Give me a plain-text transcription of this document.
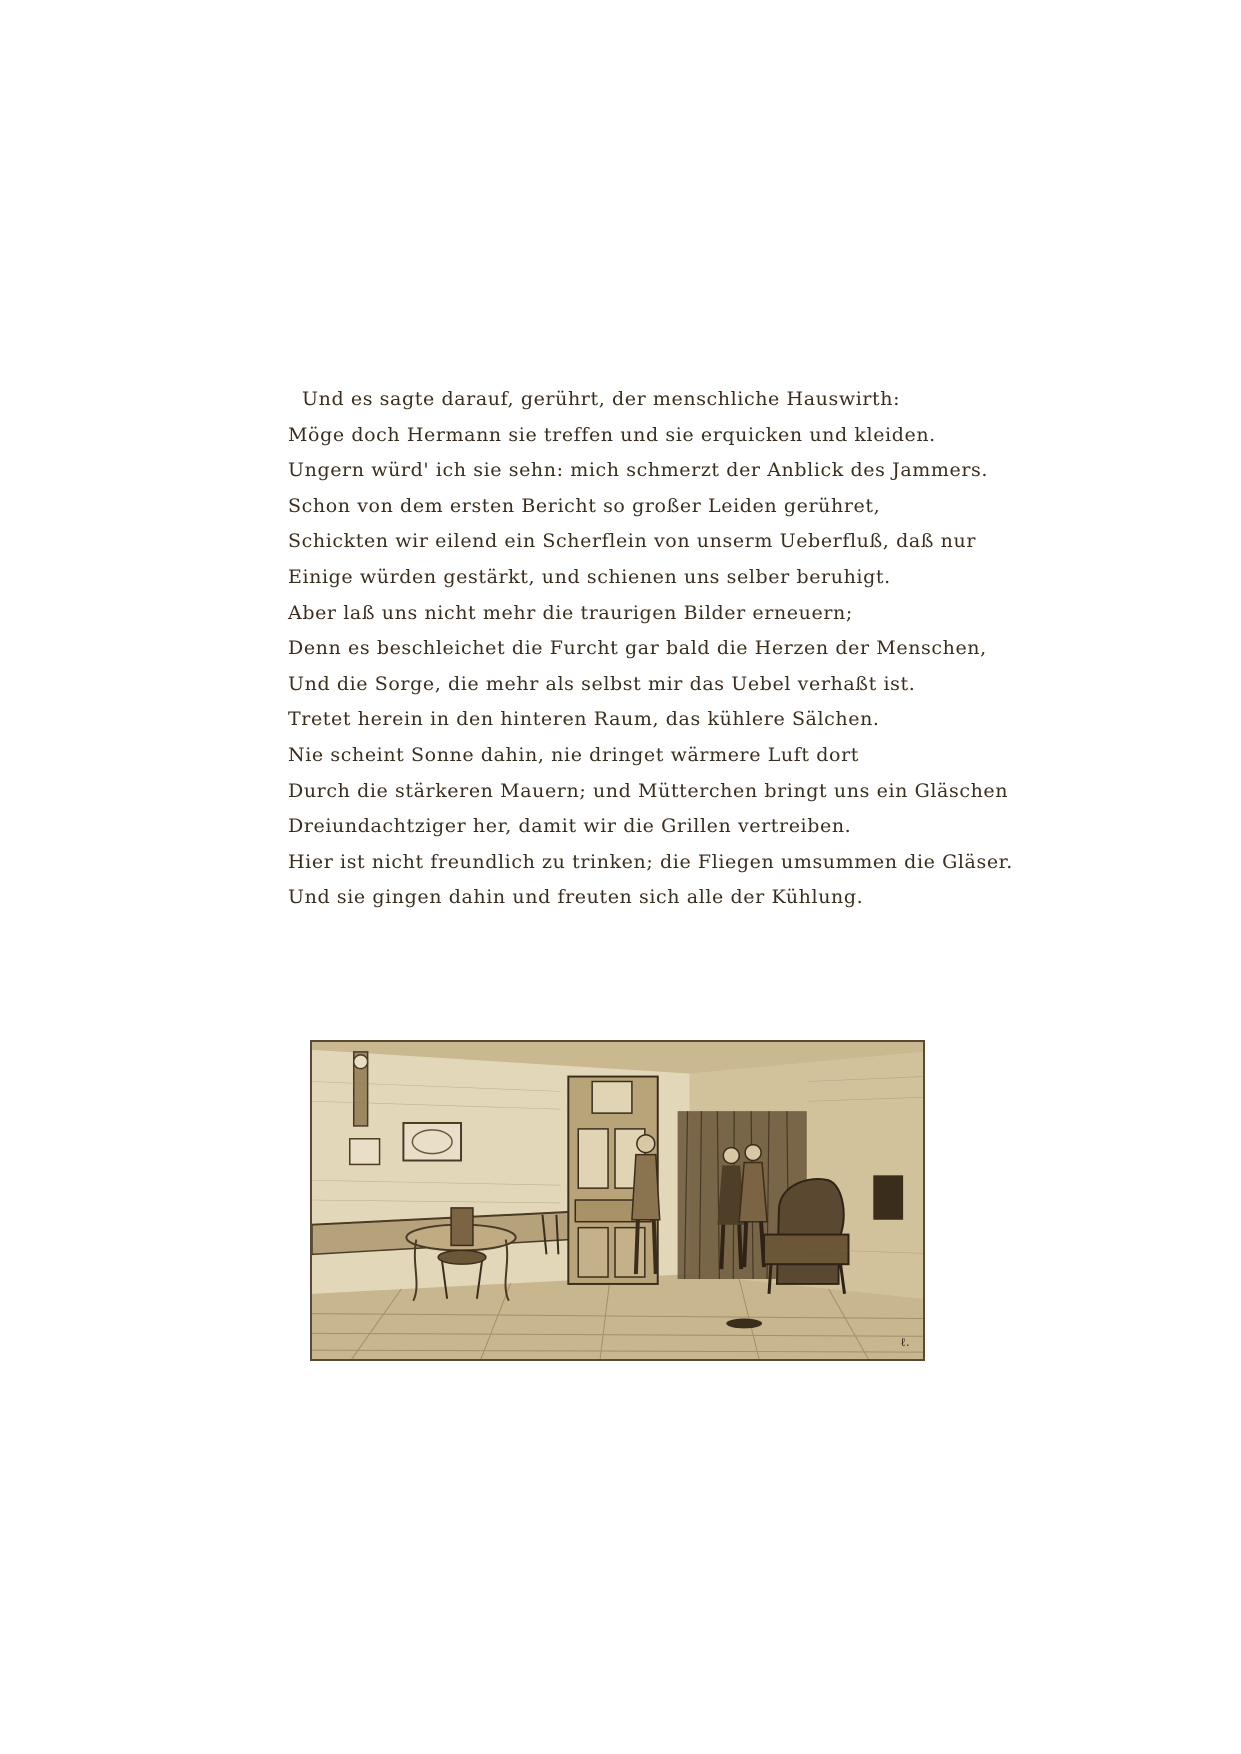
Und es sagte darauf, gerührt, der menschliche Hauswirth:
Möge doch Hermann sie treffen und sie erquicken und kleiden.
Ungern würd' ich sie sehn: mich schmerzt der Anblick des Jammers.
Schon von dem ersten Bericht so großer Leiden gerühret,
Schickten wir eilend ein Scherflein von unserm Ueberfluß, daß nur
Einige würden gestärkt, und schienen uns selber beruhigt.
Aber laß uns nicht mehr die traurigen Bilder erneuern;
Denn es beschleichet die Furcht gar bald die Herzen der Menschen,
Und die Sorge, die mehr als selbst mir das Uebel verhaßt ist.
Tretet herein in den hinteren Raum, das kühlere Sälchen.
Nie scheint Sonne dahin, nie dringet wärmere Luft dort
Durch die stärkeren Mauern; und Mütterchen bringt uns ein Gläschen
Dreiundachtziger her, damit wir die Grillen vertreiben.
Hier ist nicht freundlich zu trinken; die Fliegen umsummen die Gläser.
Und sie gingen dahin und freuten sich alle der Kühlung.
ℓ.
